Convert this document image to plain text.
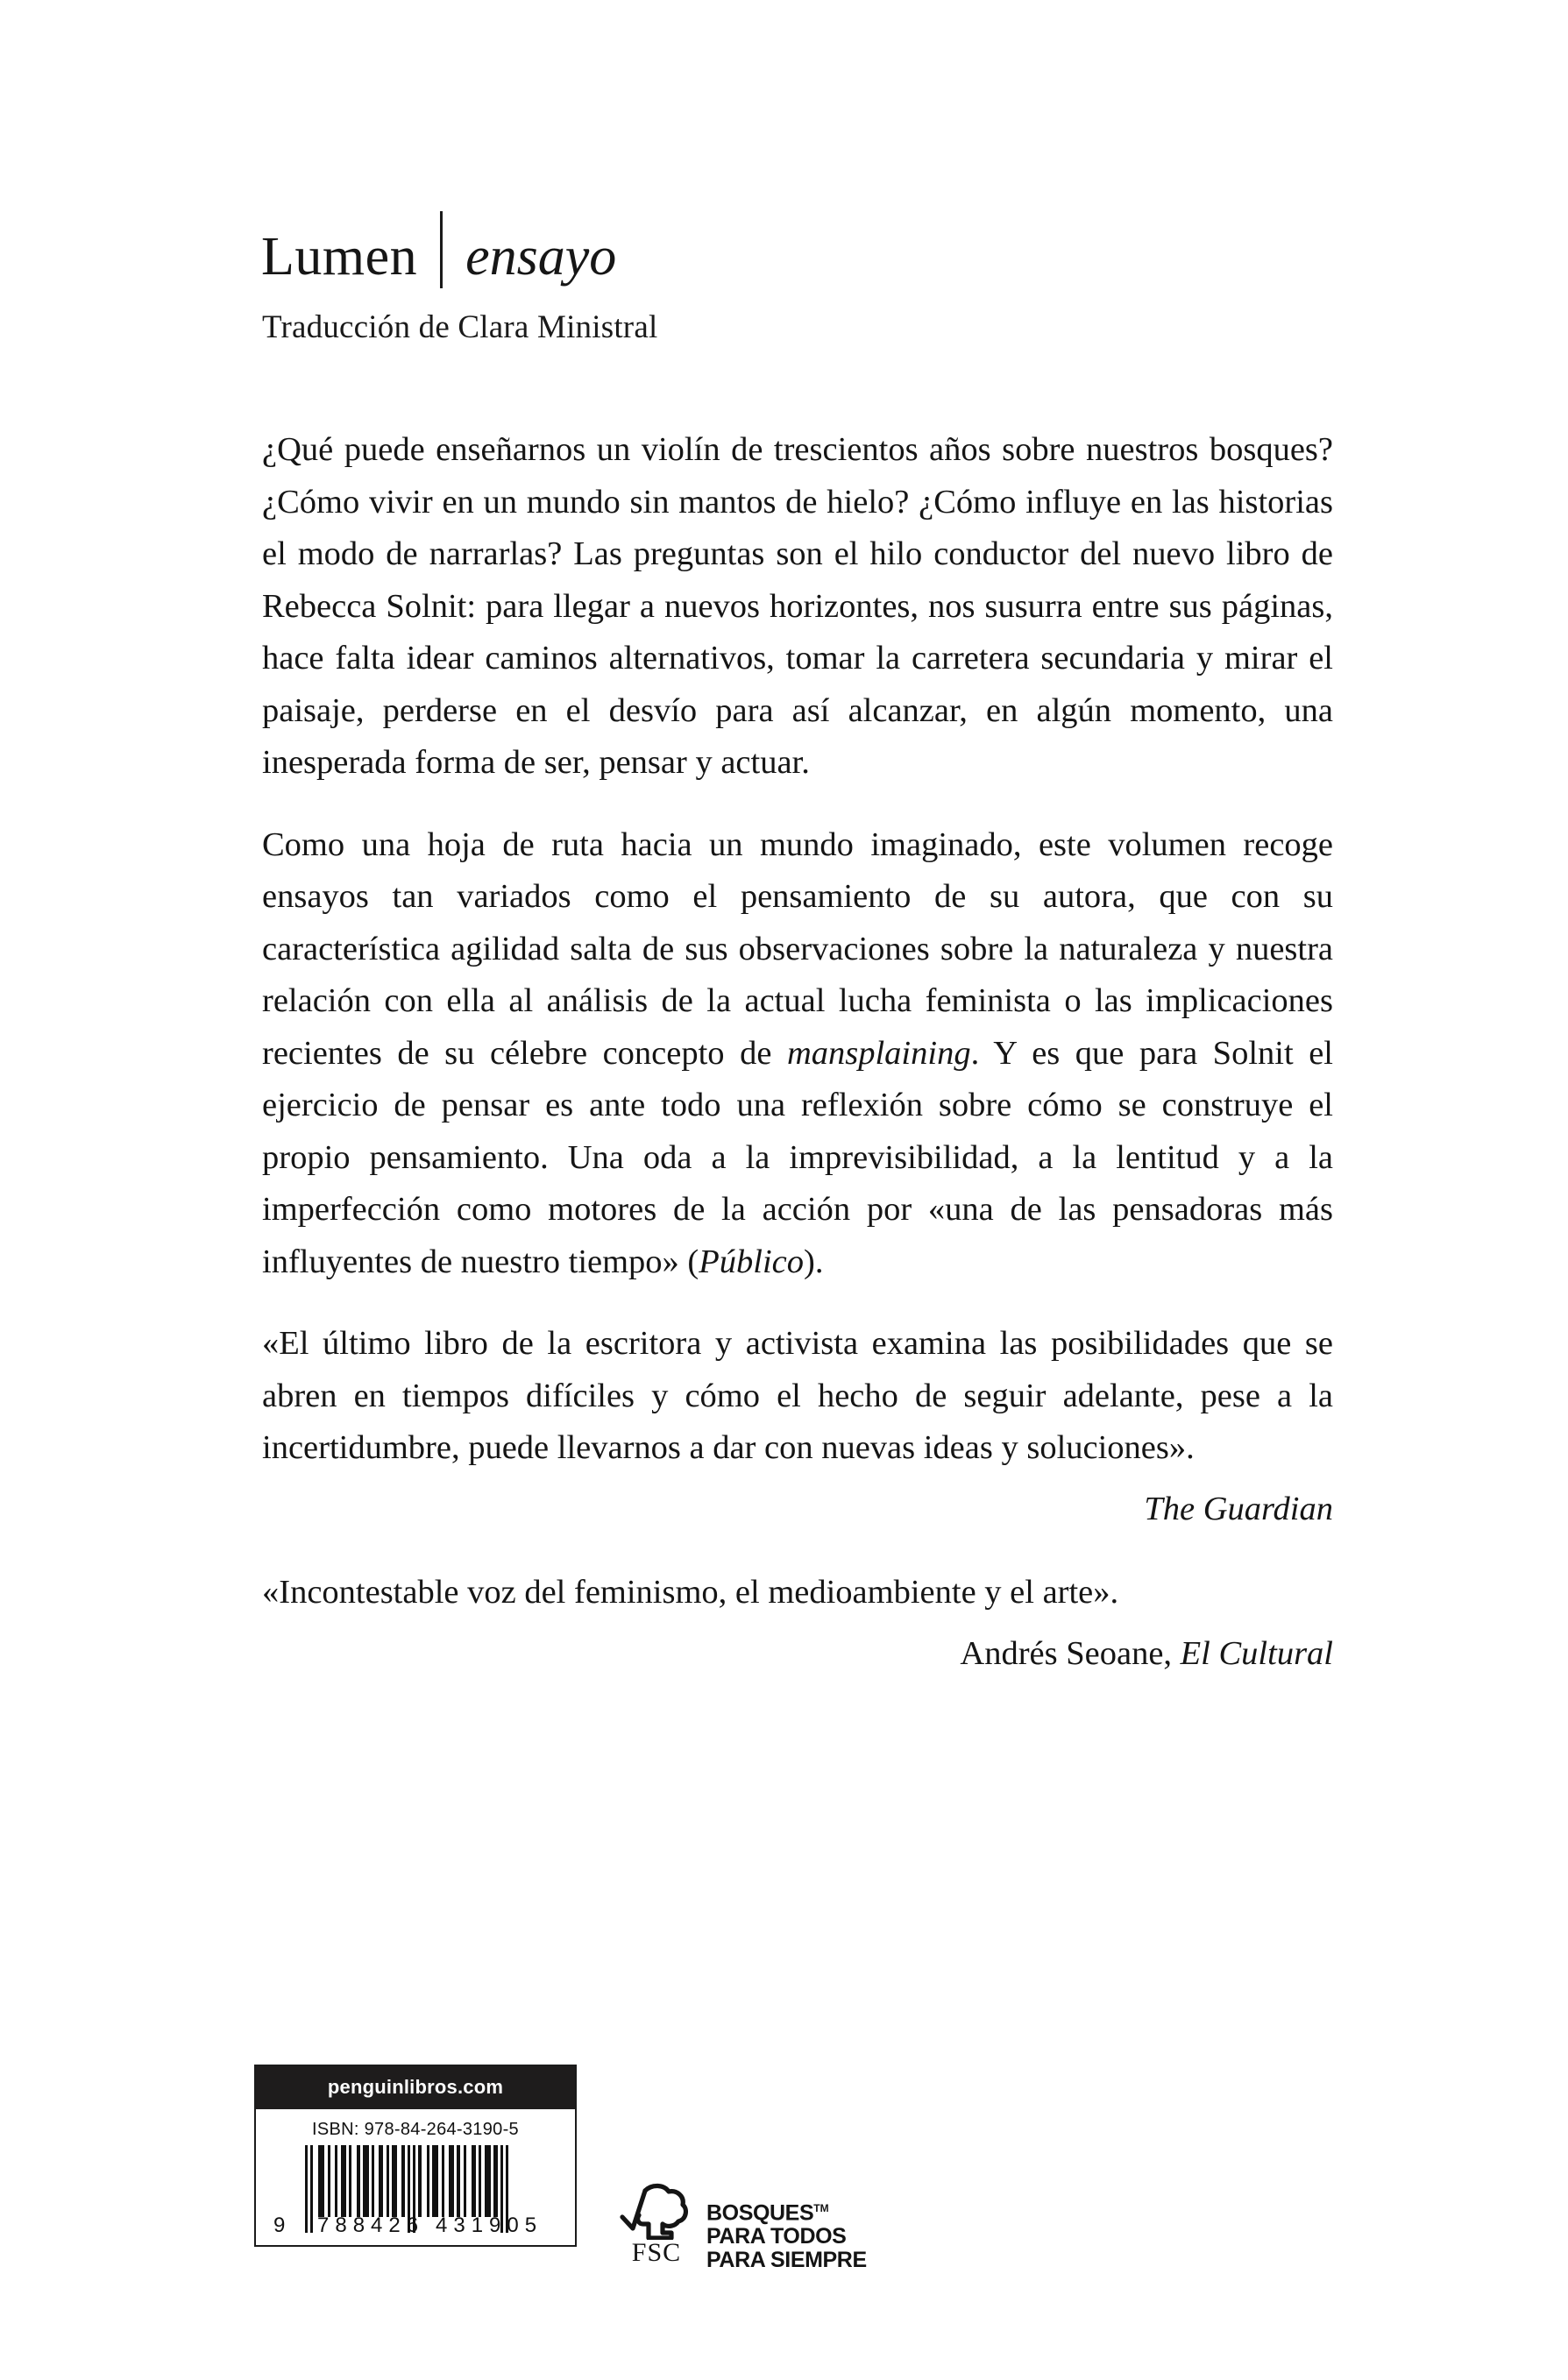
Lumen ensayo
Traducción de Clara Ministral

¿Qué puede enseñarnos un violín de trescientos años sobre nuestros bosques? ¿Cómo vivir en un mundo sin mantos de hielo? ¿Cómo influye en las historias el modo de narrarlas? Las preguntas son el hilo conductor del nuevo libro de Rebecca Solnit: para llegar a nuevos horizontes, nos susurra entre sus páginas, hace falta idear caminos alternativos, tomar la carretera secundaria y mirar el paisaje, perderse en el desvío para así alcanzar, en algún momento, una inesperada forma de ser, pensar y actuar.

Como una hoja de ruta hacia un mundo imaginado, este volumen recoge ensayos tan variados como el pensamiento de su autora, que con su característica agilidad salta de sus observaciones sobre la naturaleza y nuestra relación con ella al análisis de la actual lucha feminista o las implicaciones recientes de su célebre concepto de mansplaining. Y es que para Solnit el ejercicio de pensar es ante todo una reflexión sobre cómo se construye el propio pensamiento. Una oda a la imprevisibilidad, a la lentitud y a la imperfección como motores de la acción por «una de las pensadoras más influyentes de nuestro tiempo» (Público).

«El último libro de la escritora y activista examina las posibilidades que se abren en tiempos difíciles y cómo el hecho de seguir adelante, pese a la incertidumbre, puede llevarnos a dar con nuevas ideas y soluciones».

The Guardian

«Incontestable voz del feminismo, el medioambiente y el arte».

Andrés Seoane, El Cultural

penguinlibros.com
ISBN: 978-84-264-3190-5
9 788426 431905
FSC
BOSQUES™
PARA TODOS
PARA SIEMPRE
